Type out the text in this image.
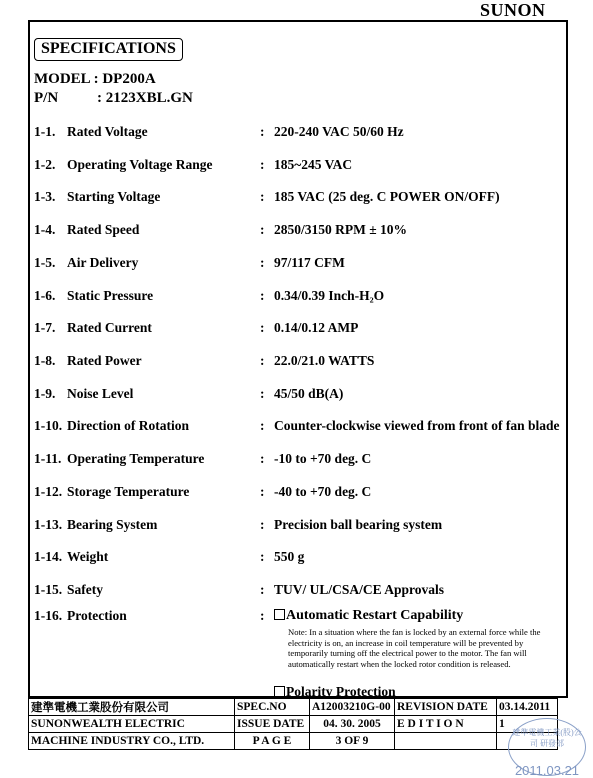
SUNON
SPECIFICATIONS
MODEL : DP200A
P/N	: 2123XBL.GN
1-1. Rated Voltage	: 220-240 VAC 50/60 Hz
1-2. Operating Voltage Range	: 185~245 VAC
1-3. Starting Voltage	: 185 VAC (25 deg. C POWER ON/OFF)
1-4. Rated Speed	: 2850/3150 RPM ± 10%
1-5. Air Delivery	: 97/117 CFM
1-6. Static Pressure	: 0.34/0.39 Inch-H₂O
1-7. Rated Current	: 0.14/0.12 AMP
1-8. Rated Power	: 22.0/21.0 WATTS
1-9. Noise Level	: 45/50 dB(A)
1-10. Direction of Rotation	: Counter-clockwise viewed from front of fan blade
1-11. Operating Temperature	: -10 to +70 deg. C
1-12. Storage Temperature	: -40 to +70 deg. C
1-13. Bearing System	: Precision ball bearing system
1-14. Weight	: 550 g
1-15. Safety	: TUV/ UL/CSA/CE Approvals
1-16. Protection	:	Automatic Restart Capability
Note: In a situation where the fan is locked by an external force while the electricity is on, an increase in coil temperature will be prevented by temporarily turning off the electrical power to the motor. The fan will automatically restart when the locked rotor condition is released.
Polarity Protection
建準電機工業股份有限公司	SPEC.NO	A12003210G-00	REVISION DATE	03.14.2011
SUNONWEALTH ELECTRIC	ISSUE DATE	04. 30. 2005	E D I T I O N	1
MACHINE INDUSTRY CO., LTD.	P A G E	3 OF 9		
建準電機工業(股)公司 研發部
2011.03.21
